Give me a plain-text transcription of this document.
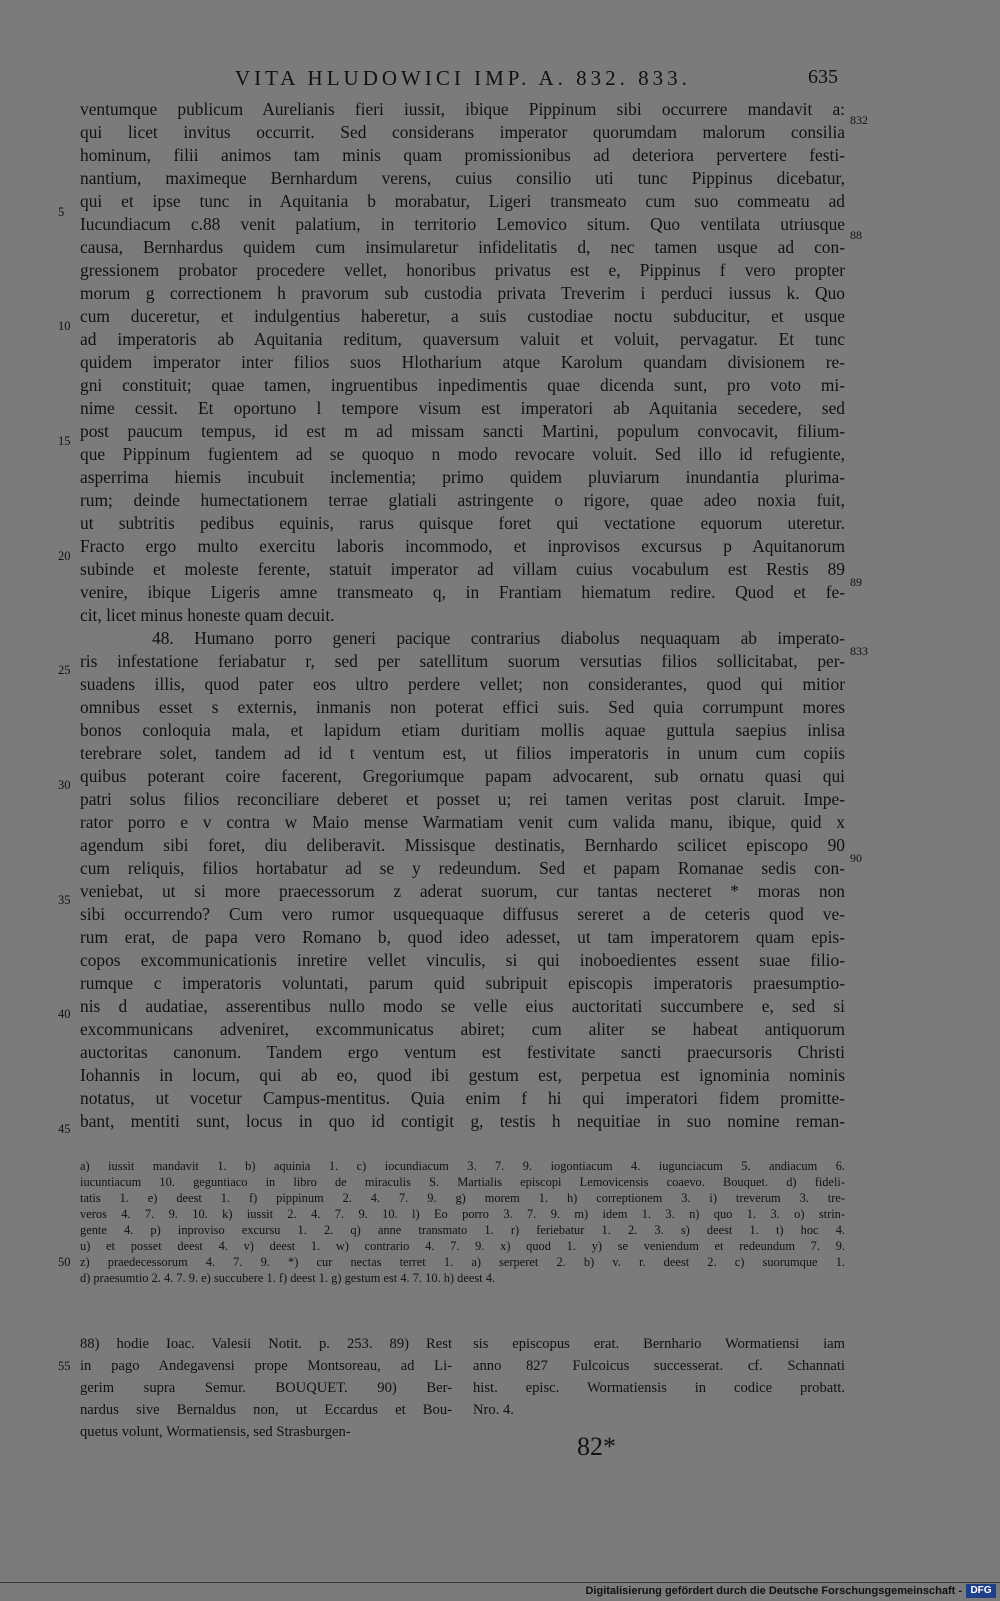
VITA HLUDOWICI IMP. A. 832. 833.	635
ventumque publicum Aurelianis fieri iussit, ibique Pippinum sibi occurrere mandavit a:
qui licet invitus occurrit. Sed considerans imperator quorumdam malorum consilia
hominum, filii animos tam minis quam promissionibus ad deteriora pervertere festi-
nantium, maximeque Bernhardum verens, cuius consilio uti tunc Pippinus dicebatur,
qui et ipse tunc in Aquitania b morabatur, Ligeri transmeato cum suo commeatu ad
Iucundiacum c.88 venit palatium, in territorio Lemovico situm. Quo ventilata utriusque
causa, Bernhardus quidem cum insimularetur infidelitatis d, nec tamen usque ad con-
gressionem probator procedere vellet, honoribus privatus est e, Pippinus f vero propter
morum g correctionem h pravorum sub custodia privata Treverim i perduci iussus k. Quo
cum duceretur, et indulgentius haberetur, a suis custodiae noctu subducitur, et usque
ad imperatoris ab Aquitania reditum, quaversum valuit et voluit, pervagatur. Et tunc
quidem imperator inter filios suos Hlotharium atque Karolum quandam divisionem re-
gni constituit; quae tamen, ingruentibus inpedimentis quae dicenda sunt, pro voto mi-
nime cessit. Et oportuno l tempore visum est imperatori ab Aquitania secedere, sed
post paucum tempus, id est m ad missam sancti Martini, populum convocavit, filium-
que Pippinum fugientem ad se quoquo n modo revocare voluit. Sed illo id refugiente,
asperrima hiemis incubuit inclementia; primo quidem pluviarum inundantia plurima-
rum; deinde humectationem terrae glatiali astringente o rigore, quae adeo noxia fuit,
ut subtritis pedibus equinis, rarus quisque foret qui vectatione equorum uteretur.
Fracto ergo multo exercitu laboris incommodo, et inprovisos excursus p Aquitanorum
subinde et moleste ferente, statuit imperator ad villam cuius vocabulum est Restis 89
venire, ibique Ligeris amne transmeato q, in Frantiam hiematum redire. Quod et fe-
cit, licet minus honeste quam decuit.
48. Humano porro generi pacique contrarius diabolus nequaquam ab imperato-
ris infestatione feriabatur r, sed per satellitum suorum versutias filios sollicitabat, per-
suadens illis, quod pater eos ultro perdere vellet; non considerantes, quod qui mitior
omnibus esset s externis, inmanis non poterat effici suis. Sed quia corrumpunt mores
bonos conloquia mala, et lapidum etiam duritiam mollis aquae guttula saepius inlisa
terebrare solet, tandem ad id t ventum est, ut filios imperatoris in unum cum copiis
quibus poterant coire facerent, Gregoriumque papam advocarent, sub ornatu quasi qui
patri solus filios reconciliare deberet et posset u; rei tamen veritas post claruit. Impe-
rator porro e v contra w Maio mense Warmatiam venit cum valida manu, ibique, quid x
agendum sibi foret, diu deliberavit. Missisque destinatis, Bernhardo scilicet episcopo 90
cum reliquis, filios hortabatur ad se y redeundum. Sed et papam Romanae sedis con-
veniebat, ut si more praecessorum z aderat suorum, cur tantas necteret * moras non
sibi occurrendo? Cum vero rumor usquequaque diffusus sereret a de ceteris quod ve-
rum erat, de papa vero Romano b, quod ideo adesset, ut tam imperatorem quam epis-
copos excommunicationis inretire vellet vinculis, si qui inoboedientes essent suae filio-
rumque c imperatoris voluntati, parum quid subripuit episcopis imperatoris praesumptio-
nis d audatiae, asserentibus nullo modo se velle eius auctoritati succumbere e, sed si
excommunicans adveniret, excommunicatus abiret; cum aliter se habeat antiquorum
auctoritas canonum. Tandem ergo ventum est festivitate sancti praecursoris Christi
Iohannis in locum, qui ab eo, quod ibi gestum est, perpetua est ignominia nominis
notatus, ut vocetur Campus-mentitus. Quia enim f hi qui imperatori fidem promitte-
bant, mentiti sunt, locus in quo id contigit g, testis h nequitiae in suo nomine reman-
5
10
15
20
25
30
35
40
45
832
88
89
833
90
a) iussit mandavit 1. b) aquinia 1. c) iocundiacum 3. 7. 9. iogontiacum 4. iugunciacum 5. andiacum 6.
iucuntiacum 10. geguntiaco in libro de miraculis S. Martialis episcopi Lemovicensis coaevo. Bouquet. d) fideli-
tatis 1. e) deest 1. f) pippinum 2. 4. 7. 9. g) morem 1. h) correptionem 3. i) treverum 3. tre-
veros 4. 7. 9. 10. k) iussit 2. 4. 7. 9. 10. l) Eo porro 3. 7. 9. m) idem 1. 3. n) quo 1. 3. o) strin-
gente 4. p) inproviso excursu 1. 2. q) anne transmato 1. r) feriebatur 1. 2. 3. s) deest 1. t) hoc 4.
u) et posset deest 4. v) deest 1. w) contrario 4. 7. 9. x) quod 1. y) se veniendum et redeundum 7. 9.
z) praedecessorum 4. 7. 9. *) cur nectas terret 1. a) serperet 2. b) v. r. deest 2. c) suorumque 1.
d) praesumtio 2. 4. 7. 9. e) succubere 1. f) deest 1. g) gestum est 4. 7. 10. h) deest 4.
50
88) hodie Ioac. Valesii Notit. p. 253. 89) Rest
in pago Andegavensi prope Montsoreau, ad Li-
gerim supra Semur. BOUQUET. 90) Ber-
nardus sive Bernaldus non, ut Eccardus et Bou-
quetus volunt, Wormatiensis, sed Strasburgen-
sis episcopus erat. Bernhario Wormatiensi iam
anno 827 Fulcoicus successerat. cf. Schannati
hist. episc. Wormatiensis in codice probatt.
Nro. 4.
55
82*
Digitalisierung gefördert durch die Deutsche Forschungsgemeinschaft - DFG
